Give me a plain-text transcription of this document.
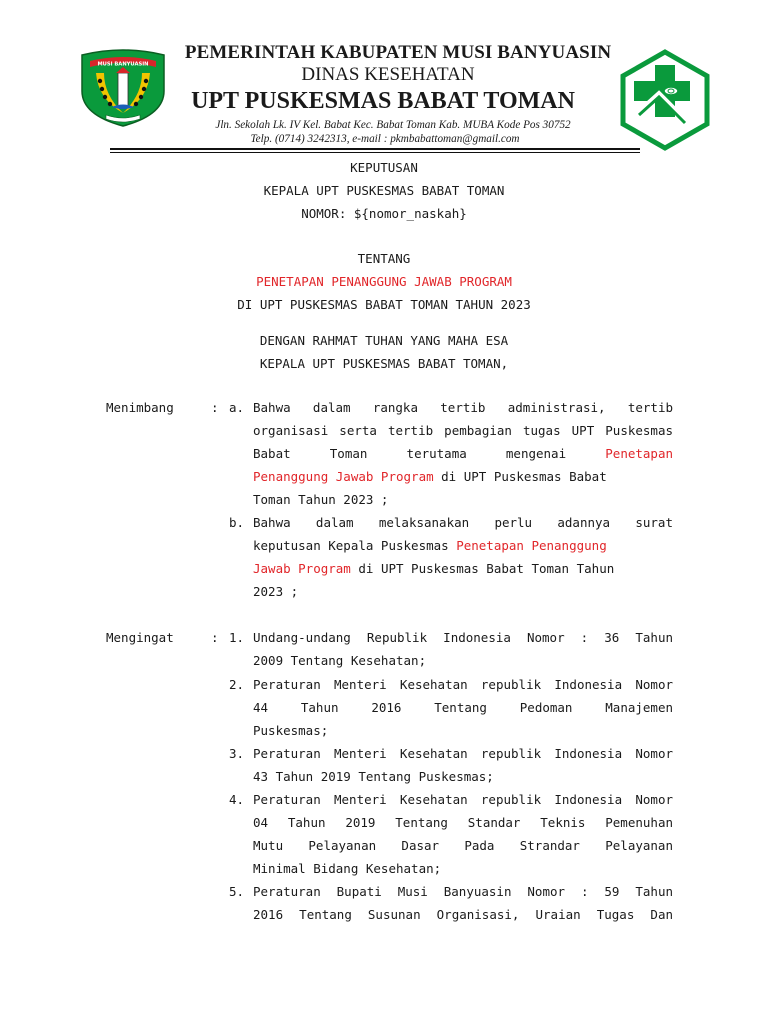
MUSI BANYUASIN
PEMERINTAH KABUPATEN MUSI BANYUASIN
DINAS KESEHATAN
UPT PUSKESMAS BABAT TOMAN
Jln. Sekolah Lk. IV Kel. Babat Kec. Babat Toman Kab. MUBA Kode Pos 30752
Telp. (0714) 3242313, e-mail : pkmbabattoman@gmail.com
KEPUTUSAN
KEPALA UPT PUSKESMAS BABAT TOMAN
NOMOR: ${nomor_naskah}
TENTANG
PENETAPAN PENANGGUNG JAWAB PROGRAM
DI UPT PUSKESMAS BABAT TOMAN TAHUN 2023
DENGAN RAHMAT TUHAN YANG MAHA ESA
KEPALA UPT PUSKESMAS BABAT TOMAN,
Menimbang	: a. Bahwa dalam rangka tertib administrasi, tertib
organisasi serta tertib pembagian tugas UPT Puskesmas
Babat Toman terutama mengenai	Penetapan
Penanggung Jawab Program di UPT Puskesmas Babat
Toman Tahun 2023 ;
b. Bahwa dalam melaksanakan perlu adannya surat
keputusan Kepala Puskesmas Penetapan Penanggung
Jawab Program di UPT Puskesmas Babat Toman Tahun
2023 ;
Mengingat	: 1. Undang-undang Republik Indonesia Nomor : 36 Tahun
2009 Tentang Kesehatan;
2. Peraturan Menteri Kesehatan republik Indonesia Nomor
44 Tahun 2016 Tentang Pedoman Manajemen
Puskesmas;
3. Peraturan Menteri Kesehatan republik Indonesia Nomor
43 Tahun 2019 Tentang Puskesmas;
4. Peraturan Menteri Kesehatan republik Indonesia Nomor
04 Tahun 2019 Tentang Standar Teknis Pemenuhan
Mutu Pelayanan Dasar Pada Strandar Pelayanan
Minimal Bidang Kesehatan;
5. Peraturan Bupati Musi Banyuasin Nomor : 59 Tahun
2016 Tentang Susunan Organisasi, Uraian Tugas Dan
